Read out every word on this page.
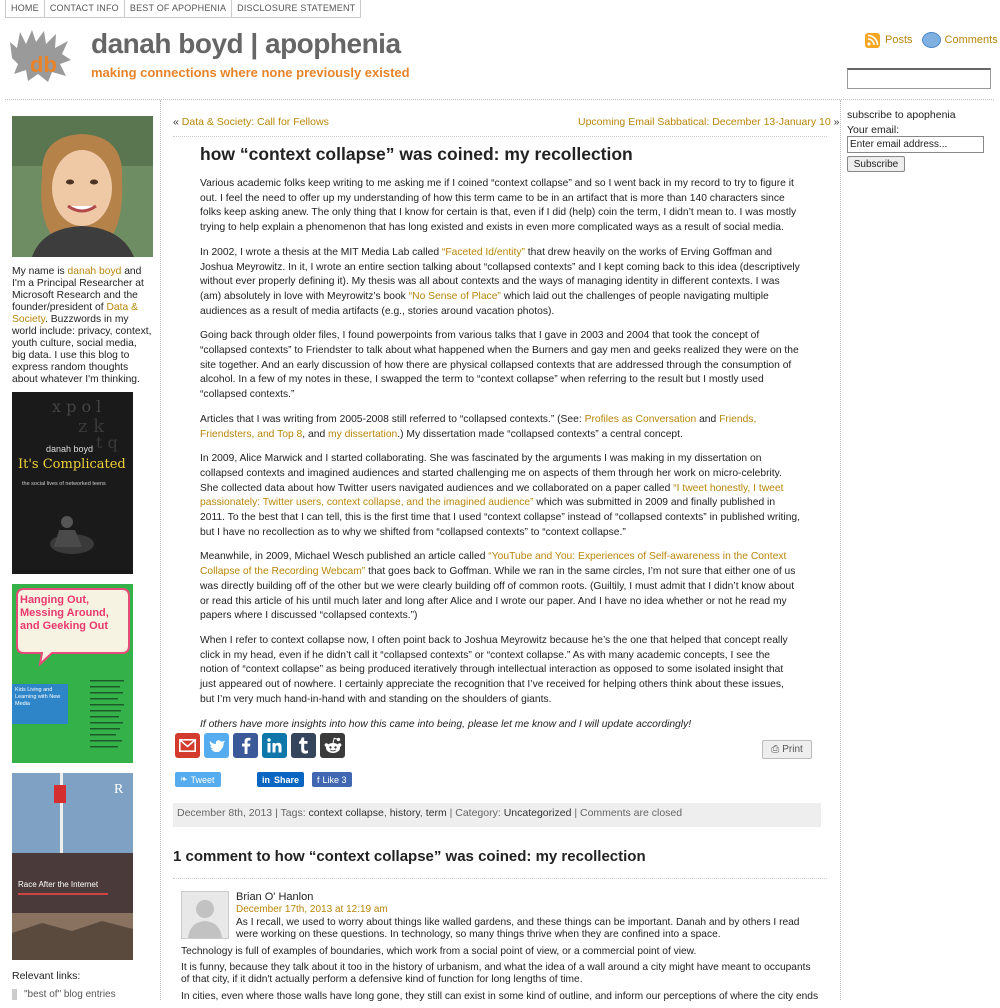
HOME	CONTACT INFO	BEST OF APOPHENIA	DISCLOSURE STATEMENT
db
danah boyd | apophenia
making connections where none previously existed
Posts	Comments
My name is danah boyd and I'm a Principal Researcher at Microsoft Research and the founder/president of Data & Society. Buzzwords in my world include: privacy, context, youth culture, social media, big data. I use this blog to express random thoughts about whatever I'm thinking.
x p o l
z k
t q
danah boyd
It's Complicated
the social lives of networked teens
Hanging Out, Messing Around, and Geeking Out
Kids Living and Learning with New Media
Race After the Internet
R
Relevant links:
"best of" blog entries
« Data & Society: Call for Fellows	Upcoming Email Sabbatical: December 13-January 10 »
how “context collapse” was coined: my recollection

Various academic folks keep writing to me asking me if I coined “context collapse” and so I went back in my record to try to figure it out. I feel the need to offer up my understanding of how this term came to be in an artifact that is more than 140 characters since folks keep asking anew. The only thing that I know for certain is that, even if I did (help) coin the term, I didn’t mean to. I was mostly trying to help explain a phenomenon that has long existed and exists in even more complicated ways as a result of social media.

In 2002, I wrote a thesis at the MIT Media Lab called “Faceted Id/entity” that drew heavily on the works of Erving Goffman and Joshua Meyrowitz. In it, I wrote an entire section talking about “collapsed contexts” and I kept coming back to this idea (descriptively without ever properly defining it). My thesis was all about contexts and the ways of managing identity in different contexts. I was (am) absolutely in love with Meyrowitz’s book “No Sense of Place” which laid out the challenges of people navigating multiple audiences as a result of media artifacts (e.g., stories around vacation photos).

Going back through older files, I found powerpoints from various talks that I gave in 2003 and 2004 that took the concept of “collapsed contexts” to Friendster to talk about what happened when the Burners and gay men and geeks realized they were on the site together. And an early discussion of how there are physical collapsed contexts that are addressed through the consumption of alcohol. In a few of my notes in these, I swapped the term to “context collapse” when referring to the result but I mostly used “collapsed contexts.”

Articles that I was writing from 2005-2008 still referred to “collapsed contexts.” (See: Profiles as Conversation and Friends, Friendsters, and Top 8, and my dissertation.) My dissertation made “collapsed contexts” a central concept.

In 2009, Alice Marwick and I started collaborating. She was fascinated by the arguments I was making in my dissertation on collapsed contexts and imagined audiences and started challenging me on aspects of them through her work on micro-celebrity. She collected data about how Twitter users navigated audiences and we collaborated on a paper called “I tweet honestly, I tweet passionately: Twitter users, context collapse, and the imagined audience” which was submitted in 2009 and finally published in 2011. To the best that I can tell, this is the first time that I used “context collapse” instead of “collapsed contexts” in published writing, but I have no recollection as to why we shifted from “collapsed contexts” to “context collapse.”

Meanwhile, in 2009, Michael Wesch published an article called “YouTube and You: Experiences of Self-awareness in the Context Collapse of the Recording Webcam” that goes back to Goffman. While we ran in the same circles, I’m not sure that either one of us was directly building off of the other but we were clearly building off of common roots. (Guiltily, I must admit that I didn’t know about or read this article of his until much later and long after Alice and I wrote our paper. And I have no idea whether or not he read my papers where I discussed “collapsed contexts.”)

When I refer to context collapse now, I often point back to Joshua Meyrowitz because he’s the one that helped that concept really click in my head, even if he didn’t call it “collapsed contexts” or “context collapse.” As with many academic concepts, I see the notion of “context collapse” as being produced iteratively through intellectual interaction as opposed to some isolated insight that just appeared out of nowhere. I certainly appreciate the recognition that I’ve received for helping others think about these issues, but I’m very much hand-in-hand with and standing on the shoulders of giants.

If others have more insights into how this came into being, please let me know and I will update accordingly!

⎙ Print
❧ Tweet	in Share f Like 3
December 8th, 2013 | Tags: context collapse, history, term | Category: Uncategorized | Comments are closed
1 comment to how “context collapse” was coined: my recollection
Brian O' Hanlon
December 17th, 2013 at 12:19 am

As I recall, we used to worry about things like walled gardens, and these things can be important. Danah and by others I read were working on these questions. In technology, so many things thrive when they are confined into a space.

Technology is full of examples of boundaries, which work from a social point of view, or a commercial point of view.

It is funny, because they talk about it too in the history of urbanism, and what the idea of a wall around a city might have meant to occupants of that city, if it didn't actually perform a defensive kind of function for long lengths of time.

In cities, even where those walls have long gone, they still can exist in some kind of outline, and inform our perceptions of where the city ends

subscribe to apophenia
Your email:
Enter email address...
Subscribe
